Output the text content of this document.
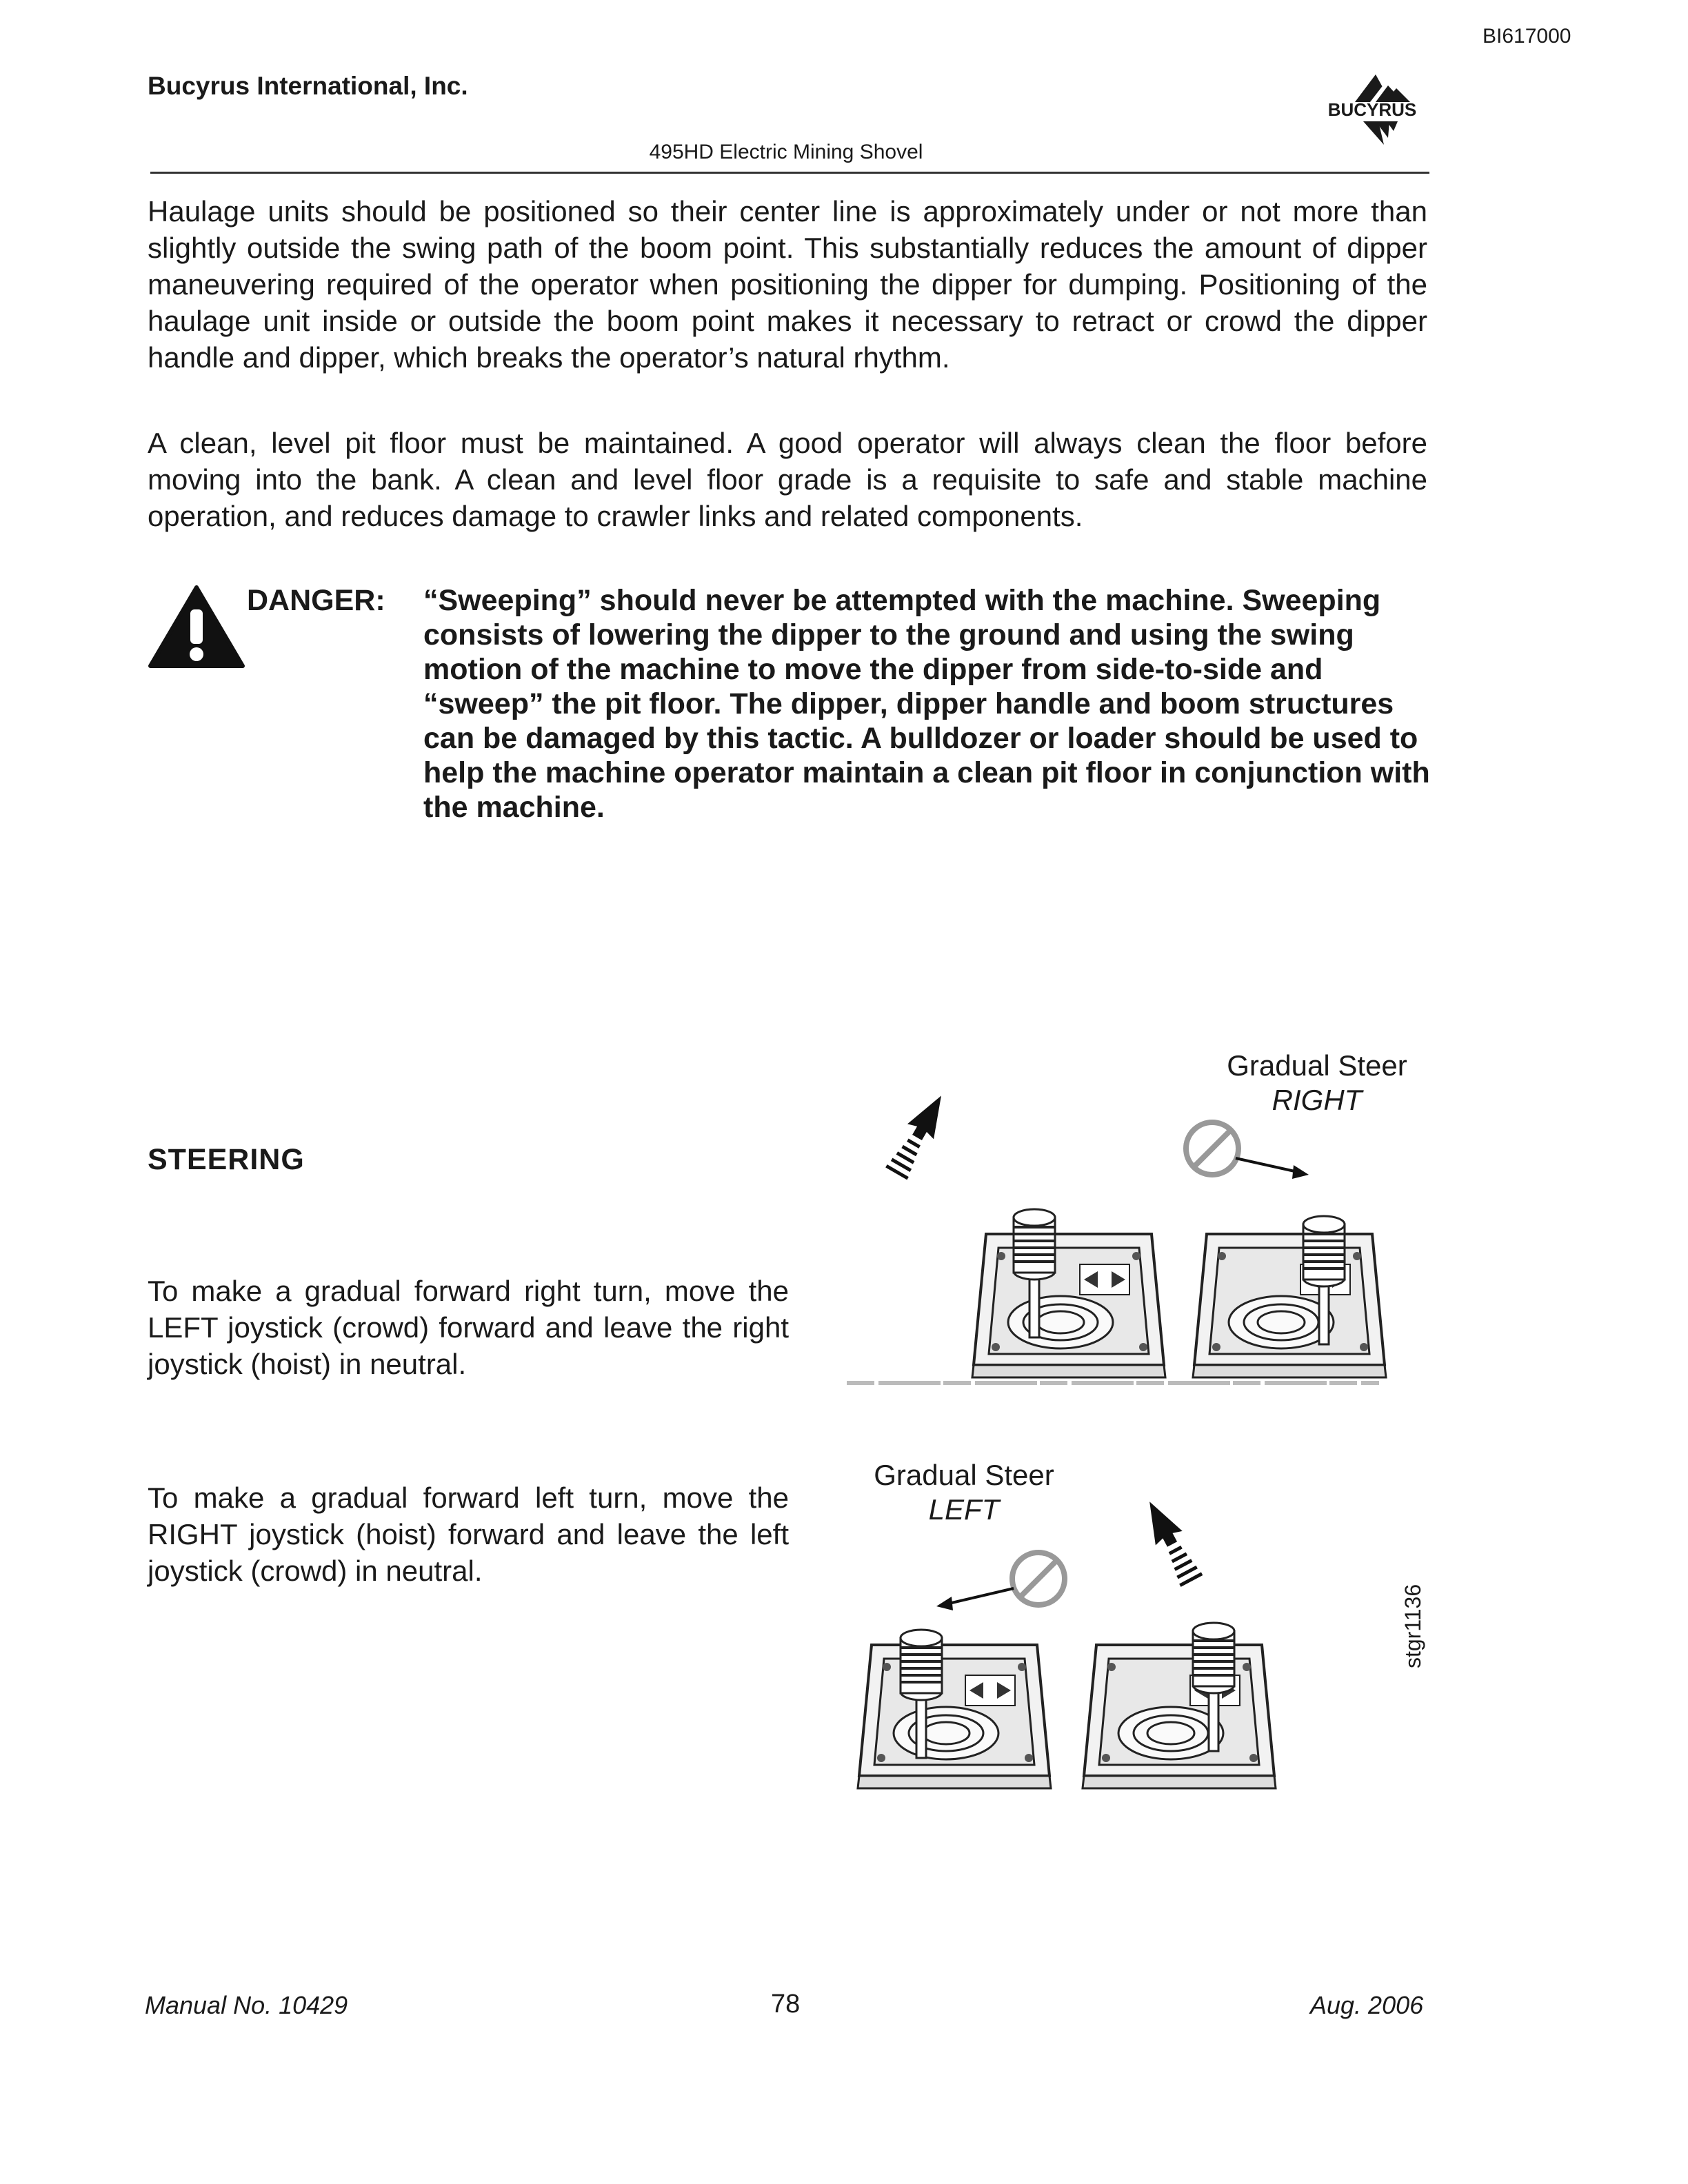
BI617000
Bucyrus International, Inc.
BUCYRUS
495HD Electric Mining Shovel

Haulage units should be positioned so their center line is approximately under or not more than slightly outside the swing path of the boom point. This substantially reduces the amount of dipper maneuvering required of the operator when positioning the dipper for dumping. Positioning of the haulage unit inside or outside the boom point makes it necessary to retract or crowd the dipper handle and dipper, which breaks the operator’s natural rhythm.

A clean, level pit floor must be maintained. A good operator will always clean the floor before moving into the bank. A clean and level floor grade is a requisite to safe and stable machine operation, and reduces damage to crawler links and related components.

DANGER: “Sweeping” should never be attempted with the machine. Sweeping consists of lowering the dipper to the ground and using the swing motion of the machine to move the dipper from side-to-side and “sweep” the pit floor. The dipper, dipper handle and boom structures can be damaged by this tactic. A bulldozer or loader should be used to help the machine operator maintain a clean pit floor in conjunction with the machine.

STEERING

To make a gradual forward right turn, move the LEFT joystick (crowd) forward and leave the right joystick (hoist) in neutral.

To make a gradual forward left turn, move the RIGHT joystick (hoist) forward and leave the left joystick (crowd) in neutral.

Gradual Steer
RIGHT
Gradual Steer
LEFT
stgr1136
Manual No. 10429	78	Aug. 2006
